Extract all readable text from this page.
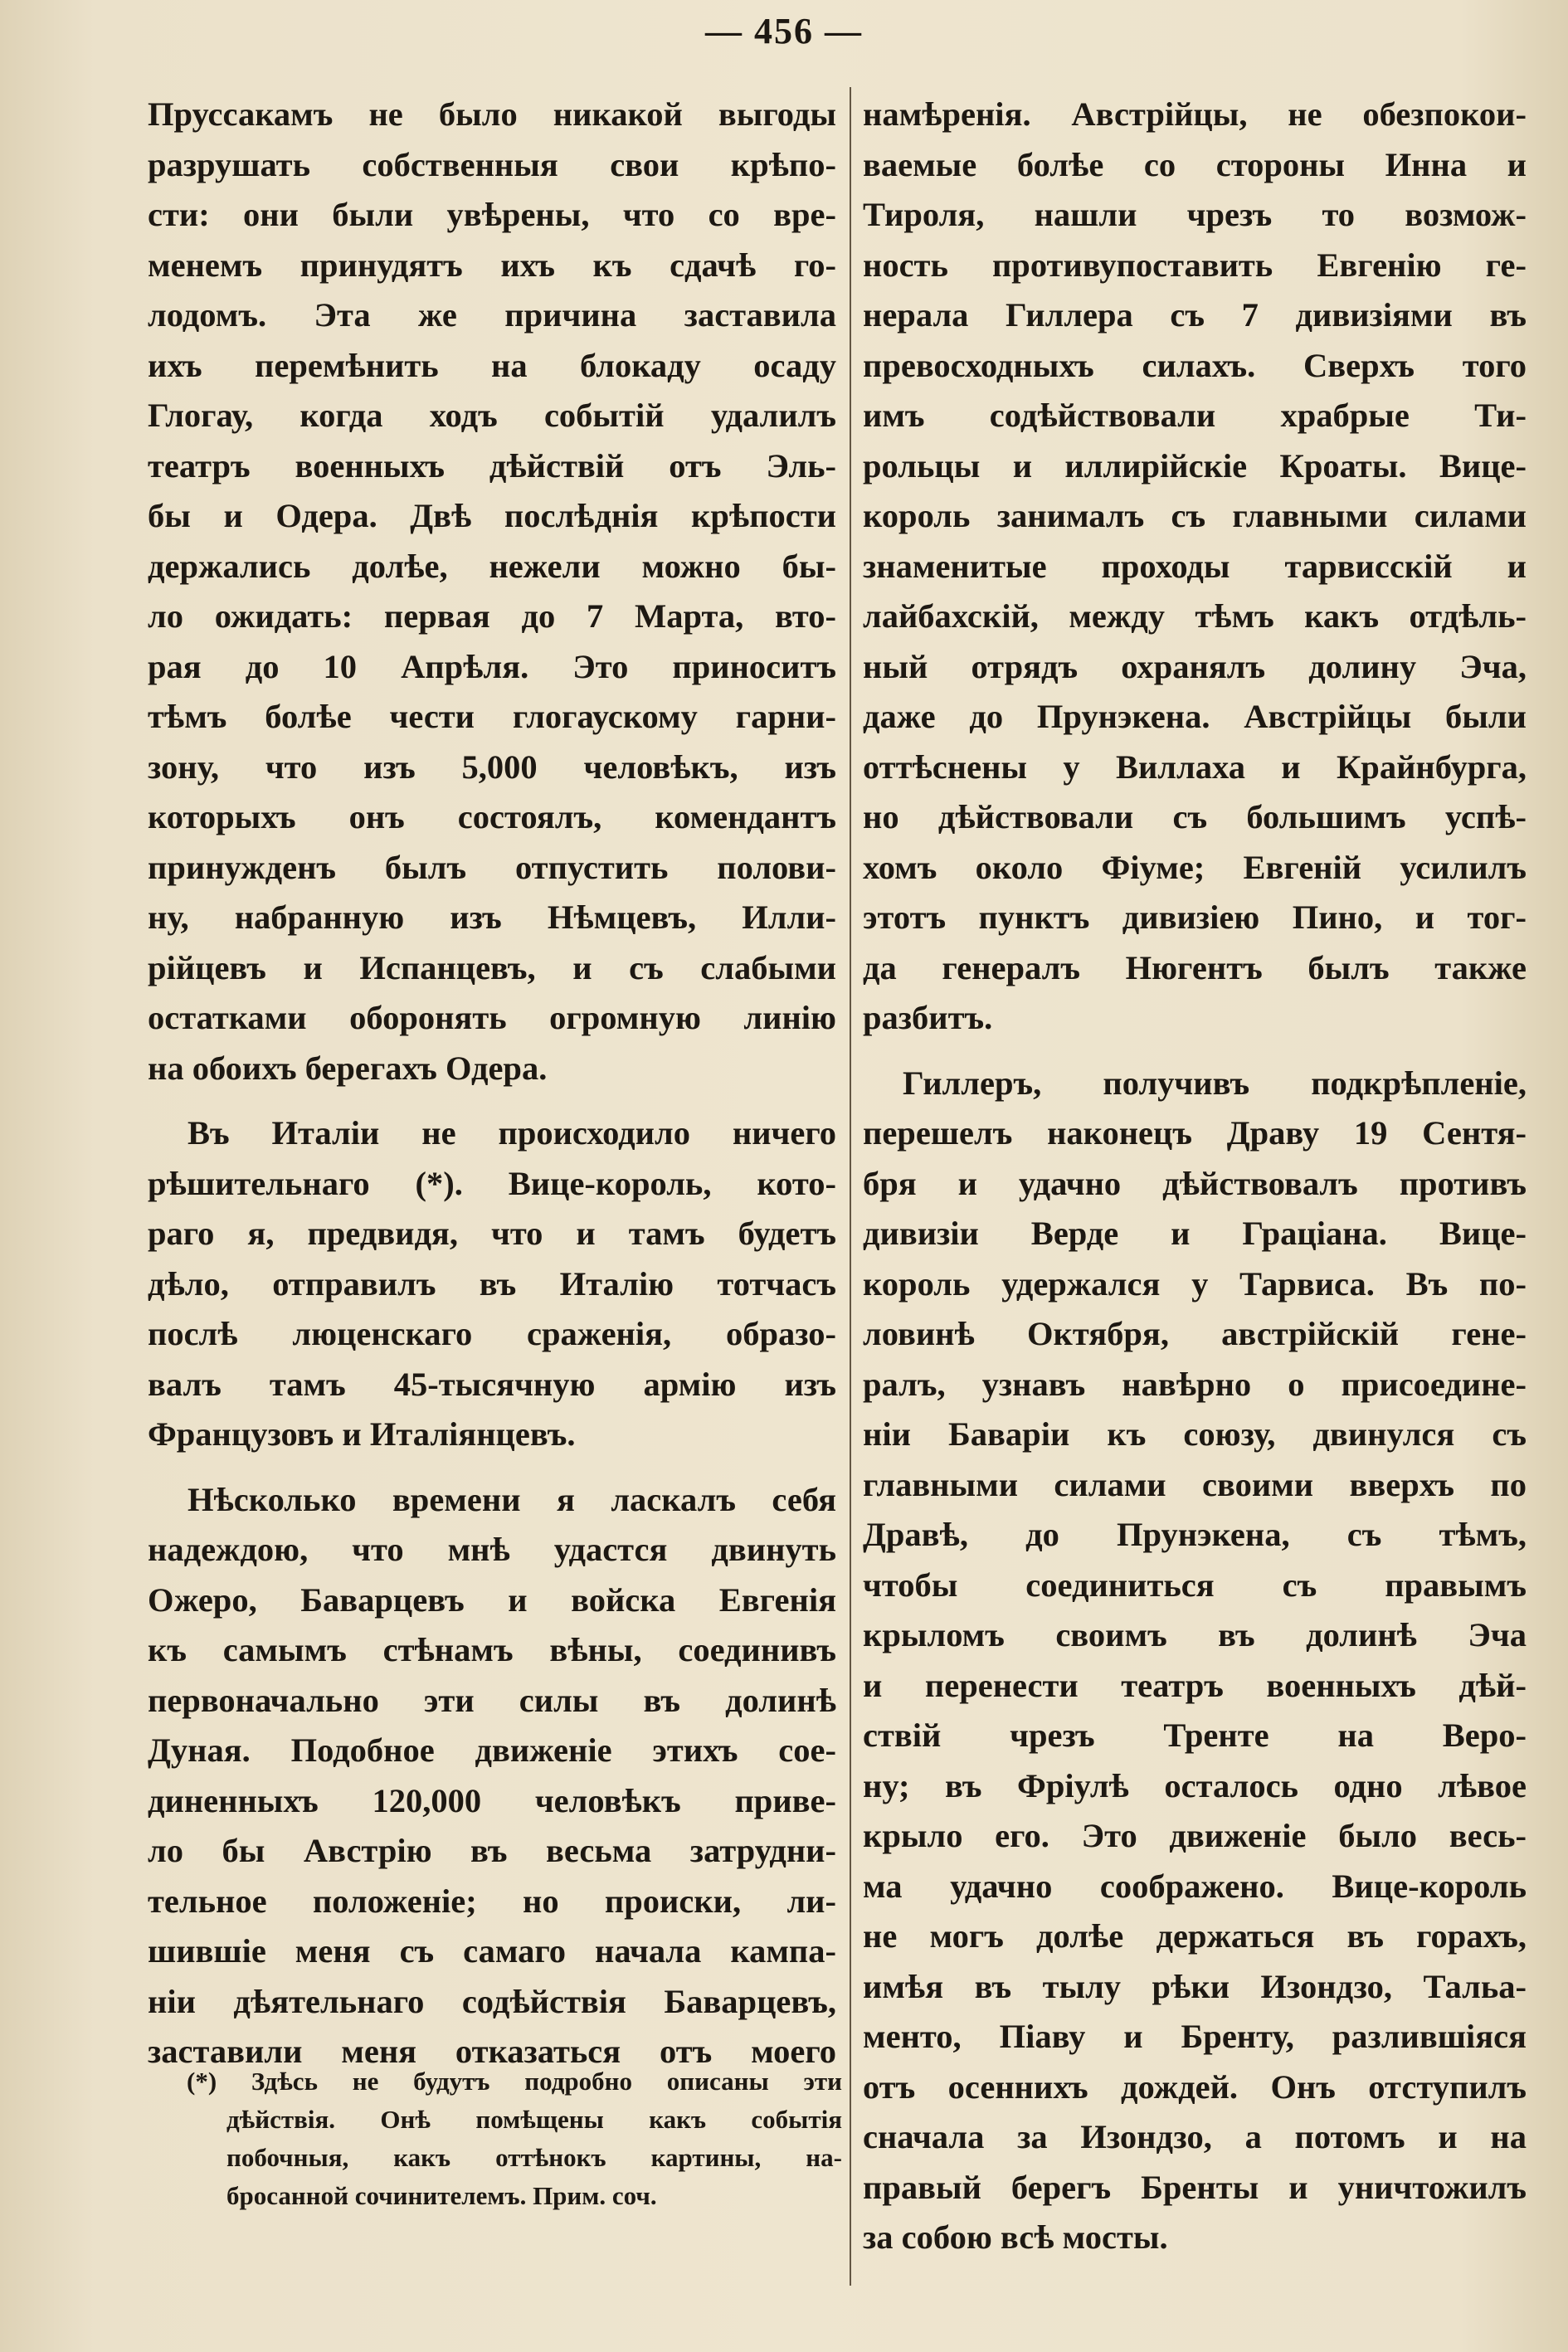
— 456 —
Пруссакамъ не было никакой выгоды
разрушать собственныя свои крѣпо-
сти: они были увѣрены, что со вре-
менемъ принудятъ ихъ къ сдачѣ го-
лодомъ. Эта же причина заставила
ихъ перемѣнить на блокаду осаду
Глогау, когда ходъ событій удалилъ
театръ военныхъ дѣйствій отъ Эль-
бы и Одера. Двѣ послѣднія крѣпости
держались долѣе, нежели можно бы-
ло ожидать: первая до 7 Марта, вто-
рая до 10 Апрѣля. Это приноситъ
тѣмъ болѣе чести глогаускому гарни-
зону, что изъ 5,000 человѣкъ, изъ
которыхъ онъ состоялъ, комендантъ
принужденъ былъ отпустить полови-
ну, набранную изъ Нѣмцевъ, Илли-
рійцевъ и Испанцевъ, и съ слабыми
остатками оборонять огромную линію
на обоихъ берегахъ Одера.
Въ Италіи не происходило ничего
рѣшительнаго (*). Вице-король, кото-
раго я, предвидя, что и тамъ будетъ
дѣло, отправилъ въ Италію тотчасъ
послѣ люценскаго сраженія, образо-
валъ тамъ 45-тысячную армію изъ
Французовъ и Италіянцевъ.
Нѣсколько времени я ласкалъ себя
надеждою, что мнѣ удастся двинуть
Ожеро, Баварцевъ и войска Евгенія
къ самымъ стѣнамъ вѣны, соединивъ
первоначально эти силы въ долинѣ
Дуная. Подобное движеніе этихъ сое-
диненныхъ 120,000 человѣкъ приве-
ло бы Австрію въ весьма затрудни-
тельное положеніе; но происки, ли-
шившіе меня съ самаго начала кампа-
ніи дѣятельнаго содѣйствія Баварцевъ,
заставили меня отказаться отъ моего
намѣренія. Австрійцы, не обезпокои-
ваемые болѣе со стороны Инна и
Тироля, нашли чрезъ то возмож-
ность противупоставить Евгенію ге-
нерала Гиллера съ 7 дивизіями въ
превосходныхъ силахъ. Сверхъ того
имъ содѣйствовали храбрые Ти-
рольцы и иллирійскіе Кроаты. Вице-
король занималъ съ главными силами
знаменитые проходы тарвисскій и
лайбахскій, между тѣмъ какъ отдѣль-
ный отрядъ охранялъ долину Эча,
даже до Прунэкена. Австрійцы были
оттѣснены у Виллаха и Крайнбурга,
но дѣйствовали съ большимъ успѣ-
хомъ около Фіуме; Евгеній усилилъ
этотъ пунктъ дивизіею Пино, и тог-
да генералъ Нюгентъ былъ также
разбитъ.
Гиллеръ, получивъ подкрѣпленіе,
перешелъ наконецъ Драву 19 Сентя-
бря и удачно дѣйствовалъ противъ
дивизіи Верде и Граціана. Вице-
король удержался у Тарвиса. Въ по-
ловинѣ Октября, австрійскій гене-
ралъ, узнавъ навѣрно о присоедине-
ніи Баваріи къ союзу, двинулся съ
главными силами своими вверхъ по
Дравѣ, до Прунэкена, съ тѣмъ,
чтобы соединиться съ правымъ
крыломъ своимъ въ долинѣ Эча
и перенести театръ военныхъ дѣй-
ствій чрезъ Тренте на Веро-
ну; въ Фріулѣ осталось одно лѣвое
крыло его. Это движеніе было весь-
ма удачно соображено. Вице-король
не могъ долѣе держаться въ горахъ,
имѣя въ тылу рѣки Изондзо, Тальа-
менто, Піаву и Бренту, разлившіяся
отъ осеннихъ дождей. Онъ отступилъ
сначала за Изондзо, а потомъ и на
правый берегъ Бренты и уничтожилъ
за собою всѣ мосты.
(*) Здѣсь не будутъ подробно описаны эти
дѣйствія. Онѣ помѣщены какъ событія
побочныя, какъ оттѣнокъ картины, на-
бросанной сочинителемъ. Прим. соч.
